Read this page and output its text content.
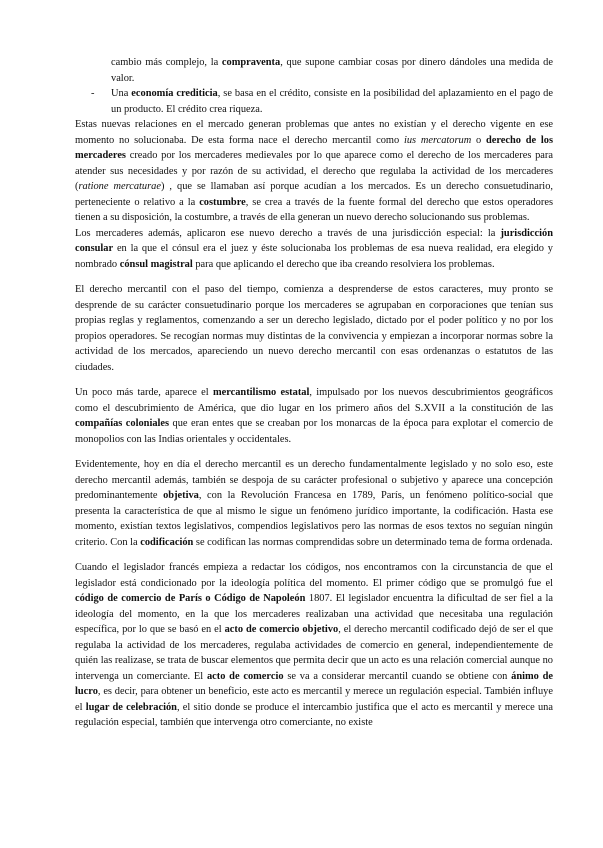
cambio más complejo, la compraventa, que supone cambiar cosas por dinero dándoles una medida de valor.

- Una economía crediticia, se basa en el crédito, consiste en la posibilidad del aplazamiento en el pago de un producto. El crédito crea riqueza.

Estas nuevas relaciones en el mercado generan problemas que antes no existían y el derecho vigente en ese momento no solucionaba. De esta forma nace el derecho mercantil como ius mercatorum o derecho de los mercaderes creado por los mercaderes medievales por lo que aparece como el derecho de los mercaderes para atender sus necesidades y por razón de su actividad, el derecho que regulaba la actividad de los mercaderes (ratione mercaturae) , que se llamaban así porque acudían a los mercados. Es un derecho consuetudinario, perteneciente o relativo a la costumbre, se crea a través de la fuente formal del derecho que estos operadores tienen a su disposición, la costumbre, a través de ella generan un nuevo derecho solucionando sus problemas.

Los mercaderes además, aplicaron ese nuevo derecho a través de una jurisdicción especial: la jurisdicción consular en la que el cónsul era el juez y éste solucionaba los problemas de esa nueva realidad, era elegido y nombrado cónsul magistral para que aplicando el derecho que iba creando resolviera los problemas.

El derecho mercantil con el paso del tiempo, comienza a desprenderse de estos caracteres, muy pronto se desprende de su carácter consuetudinario porque los mercaderes se agrupaban en corporaciones que tenían sus propias reglas y reglamentos, comenzando a ser un derecho legislado, dictado por el poder político y no por los propios operadores. Se recogían normas muy distintas de la convivencia y empiezan a incorporar normas sobre la actividad de los mercados, apareciendo un nuevo derecho mercantil con esas ordenanzas o estatutos de las ciudades.

Un poco más tarde, aparece el mercantilismo estatal, impulsado por los nuevos descubrimientos geográficos como el descubrimiento de América, que dio lugar en los primero años del S.XVII a la constitución de las compañías coloniales que eran entes que se creaban por los monarcas de la época para explotar el comercio de monopolios con las Indias orientales y occidentales.

Evidentemente, hoy en día el derecho mercantil es un derecho fundamentalmente legislado y no solo eso, este derecho mercantil además, también se despoja de su carácter profesional o subjetivo y aparece una concepción predominantemente objetiva, con la Revolución Francesa en 1789, París, un fenómeno político-social que presenta la característica de que al mismo le sigue un fenómeno jurídico importante, la codificación. Hasta ese momento, existían textos legislativos, compendios legislativos pero las normas de esos textos no seguían ningún criterio. Con la codificación se codifican las normas comprendidas sobre un determinado tema de forma ordenada.

Cuando el legislador francés empieza a redactar los códigos, nos encontramos con la circunstancia de que el legislador está condicionado por la ideología política del momento. El primer código que se promulgó fue el código de comercio de París o Código de Napoleón 1807. El legislador encuentra la dificultad de ser fiel a la ideología del momento, en la que los mercaderes realizaban una actividad que necesitaba una regulación específica, por lo que se basó en el acto de comercio objetivo, el derecho mercantil codificado dejó de ser el que regulaba la actividad de los mercaderes, regulaba actividades de comercio en general, independientemente de quién las realizase, se trata de buscar elementos que permita decir que un acto es una relación comercial aunque no intervenga un comerciante. El acto de comercio se va a considerar mercantil cuando se obtiene con ánimo de lucro, es decir, para obtener un beneficio, este acto es mercantil y merece un regulación especial. También influye el lugar de celebración, el sitio donde se produce el intercambio justifica que el acto es mercantil y merece una regulación especial, también que intervenga otro comerciante, no existe
